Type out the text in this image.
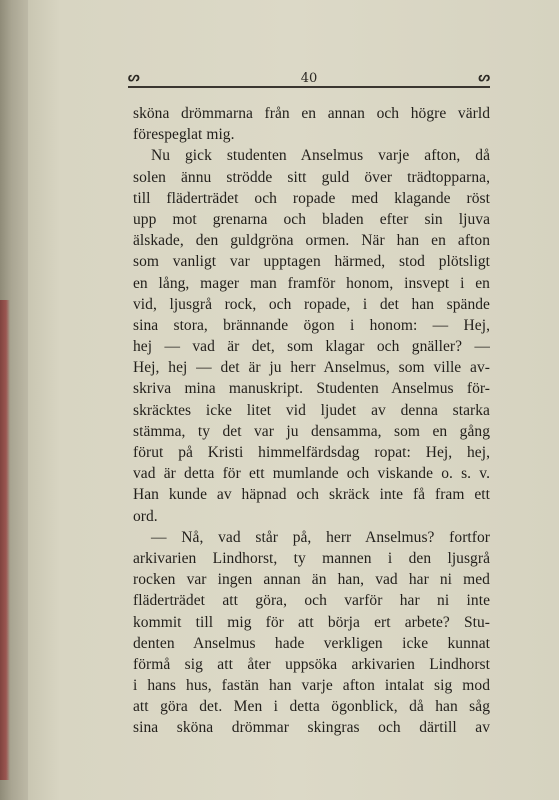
ᔕ	40	ᔕ

sköna drömmarna från en annan och högre värld
förespeglat mig.

Nu gick studenten Anselmus varje afton, då
solen ännu strödde sitt guld över trädtopparna,
till fläderträdet och ropade med klagande röst
upp mot grenarna och bladen efter sin ljuva
älskade, den guldgröna ormen. När han en afton
som vanligt var upptagen härmed, stod plötsligt
en lång, mager man framför honom, insvept i en
vid, ljusgrå rock, och ropade, i det han spände
sina stora, brännande ögon i honom: — Hej,
hej — vad är det, som klagar och gnäller? —
Hej, hej — det är ju herr Anselmus, som ville av-
skriva mina manuskript. Studenten Anselmus för-
skräcktes icke litet vid ljudet av denna starka
stämma, ty det var ju densamma, som en gång
förut på Kristi himmelfärdsdag ropat: Hej, hej,
vad är detta för ett mumlande och viskande o. s. v.
Han kunde av häpnad och skräck inte få fram ett
ord.

— Nå, vad står på, herr Anselmus? fortfor
arkivarien Lindhorst, ty mannen i den ljusgrå
rocken var ingen annan än han, vad har ni med
fläderträdet att göra, och varför har ni inte
kommit till mig för att börja ert arbete? Stu-
denten Anselmus hade verkligen icke kunnat
förmå sig att åter uppsöka arkivarien Lindhorst
i hans hus, fastän han varje afton intalat sig mod
att göra det. Men i detta ögonblick, då han såg
sina sköna drömmar skingras och därtill av
